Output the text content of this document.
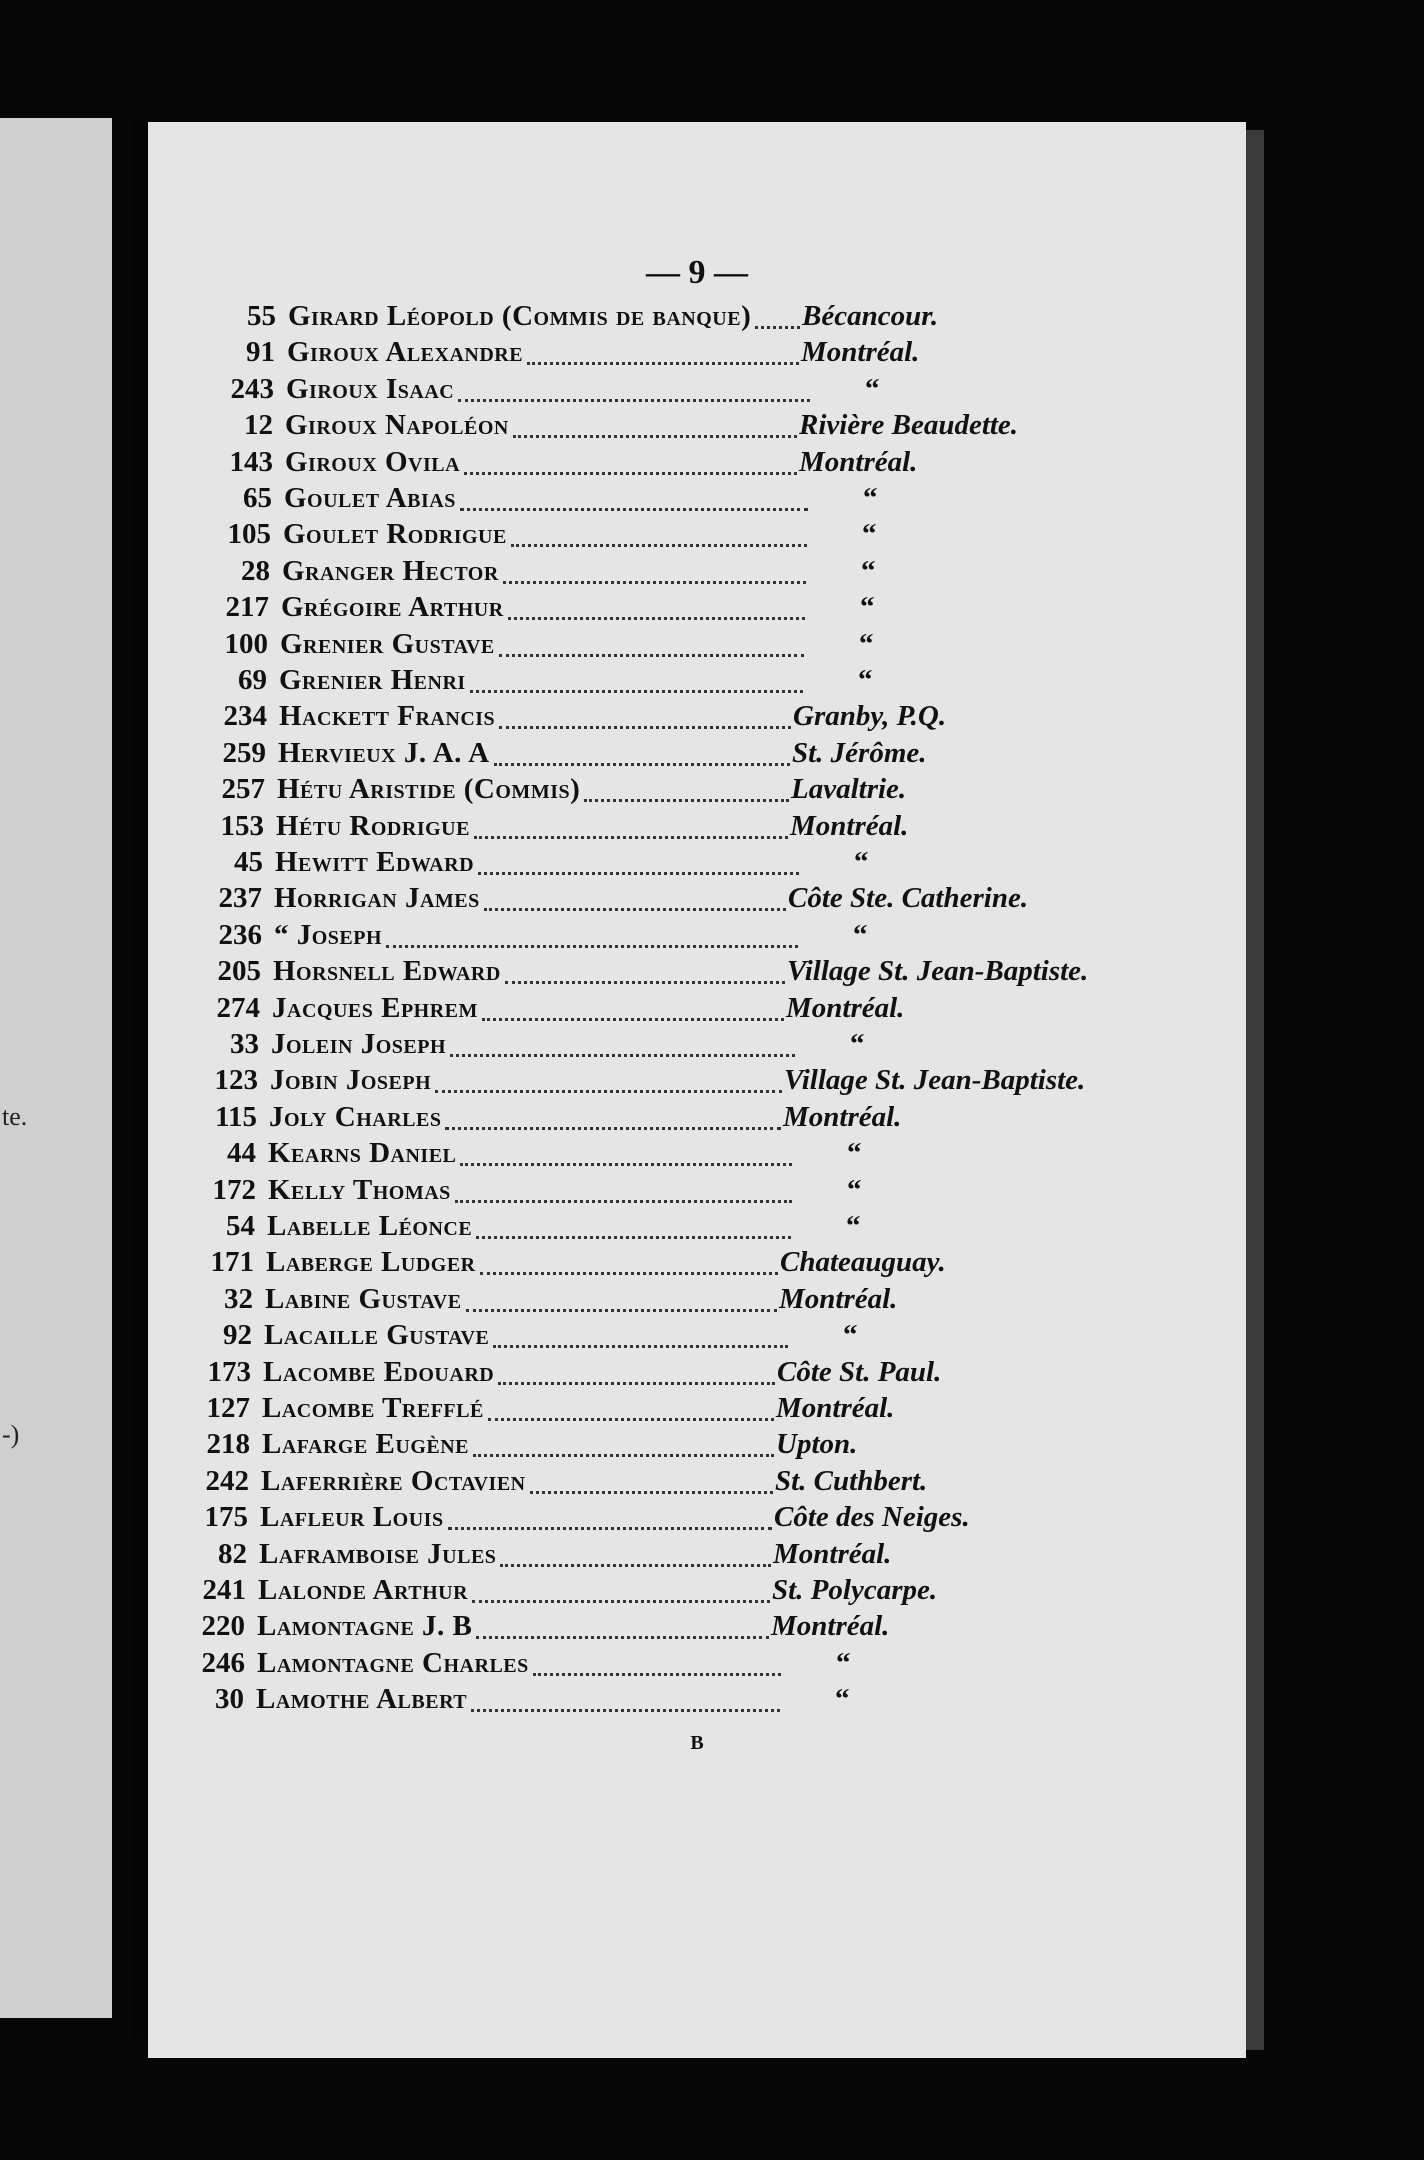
te.
-)
— 9 —
55 Girard Léopold (Commis de banque) Bécancour.
91 Giroux Alexandre	Montréal.
243 Giroux Isaac	“
12 Giroux Napoléon	Rivière Beaudette.
143 Giroux Ovila	Montréal.
65 Goulet Abias	“
105 Goulet Rodrigue	“
28 Granger Hector	“
217 Grégoire Arthur	“
100 Grenier Gustave	“
69 Grenier Henri	“
234 Hackett Francis	Granby, P.Q.
259 Hervieux J. A. A	St. Jérôme.
257 Hétu Aristide (Commis)	Lavaltrie.
153 Hétu Rodrigue	Montréal.
45 Hewitt Edward	“
237 Horrigan James	Côte Ste. Catherine.
236 “ Joseph	“
205 Horsnell Edward	Village St. Jean-Baptiste.
274 Jacques Ephrem	Montréal.
33 Jolein Joseph	“
123 Jobin Joseph	Village St. Jean-Baptiste.
115 Joly Charles	Montréal.
44 Kearns Daniel	“
172 Kelly Thomas	“
54 Labelle Léonce	“
171 Laberge Ludger	Chateauguay.
32 Labine Gustave	Montréal.
92 Lacaille Gustave	“
173 Lacombe Edouard	Côte St. Paul.
127 Lacombe Trefflé	Montréal.
218 Lafarge Eugène	Upton.
242 Laferrière Octavien	St. Cuthbert.
175 Lafleur Louis	Côte des Neiges.
82 Laframboise Jules	Montréal.
241 Lalonde Arthur	St. Polycarpe.
220 Lamontagne J. B	Montréal.
246 Lamontagne Charles	“
30 Lamothe Albert	“
B
